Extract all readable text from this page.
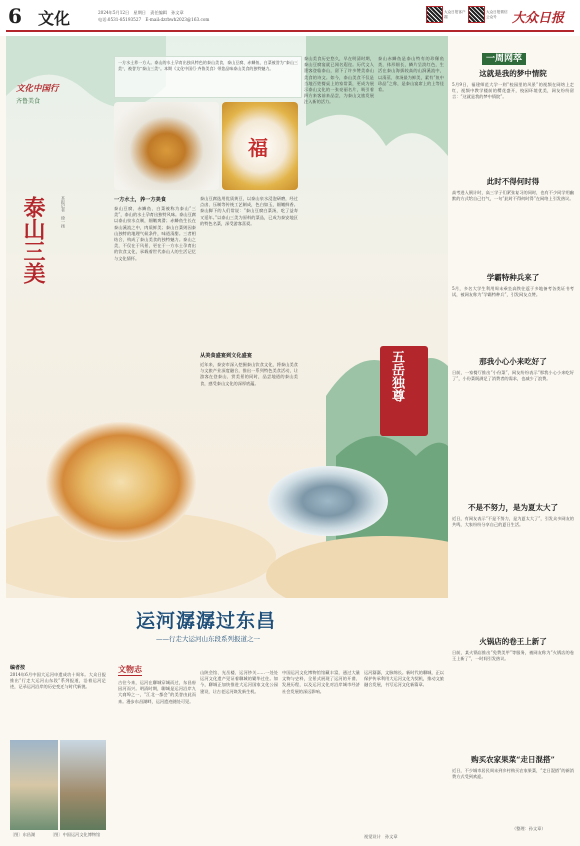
6 文化	2024年5月12日　星期日　责任编辑　孙文章
电话:0531-85193527　E-mail:dzrbwh2023@163.com
大众日报客户端
大众日报微信公众号	大众日报
文化中国行
齐鲁美食
泰山三美	本报记者　徐一扬
一方水土养一方人。泰山的水土孕育出独具特色的泰山美食，泰山豆腐、赤鳞鱼、白菜被誉为“泰山三美”，被誉为“泰山三美”。本期《文化中国行·齐鲁美食》带您品味泰山美食的独特魅力。
福
一方水土，养一方美食
泰山豆腐、赤鳞鱼、白菜被称为泰山“三美”，泰山的水土孕育出独特风味。泰山豆腐以泰山泉水点制，细嫩爽滑；赤鳞鱼生长在泰山溪流之中，肉质鲜美；泰山白菜则因泰山独特的地理气候条件，味道清甜。三者相结合，构成了泰山美食的独特魅力。泰山之美，不仅在于风景，更在于一方水土孕育出的饮食文化，承载着世代泰山人的生活记忆与文化情怀。
泰山豆腐选用优质黄豆，以泰山泉水浸泡研磨，经过点卤、压制等传统工艺制成，色白如玉，细嫩鲜香。泰山脚下的人们常说：“泰山豆腐白菜汤，吃了益寿又延年。”以泰山三美为原料的菜品，已成为泰安地区的特色名菜，深受游客喜爱。
从美食盛宴到文化盛宴
近年来，泰安市深入挖掘泰山饮食文化，将泰山美食与文旅产业深度融合，推出一系列特色美食活动，让游客在登泰山、赏美景的同时，品尝地道的泰山美食，感受泰山文化的深厚底蕴。
泰山美食历史悠久，早在明清时期，泰山豆腐宴就已闻名遐迩。历代文人墨客登临泰山，留下了许多赞美泰山美食的诗文。如今，泰山美食不仅是当地百姓餐桌上的家常菜，更成为展示泰山文化的一张亮丽名片，吸引着四方来客前来品尝，为泰山文旅发展注入新的活力。
泰山赤鳞鱼是泰山特有的珍稀鱼类，体形细长，鳞片呈淡红色，生活在泰山海拔较高的山涧溪流中，以清蒸、汆汤最为鲜美，素有“鱼中珍品”之称，是泰山宴席上的上等佳肴。
五岳独尊
一周网萃
这就是我的梦中情院
5月9日，福建师范大学一则“校园里的风景”的视频在网络上走红，视频中教学楼前的樱花盛开，校园环境优美，网友纷纷留言：“这就是我的梦中情院”。
此时不得何时得
高考进入倒计时，高三学子们紧张复习的同时，也有不少同学用幽默的方式给自己打气，一句“此时不得何时得”在网络上引发热议。
学霸特种兵来了
5月，多名大学生利用周末乘坐高铁往返于多地备考各类证书考试，被网友称为“学霸特种兵”，引发网友点赞。
那我小心小来吃好了
日前，一家餐厅推出“小份菜”，网友纷纷表示“那我小心小来吃好了”，小份菜既满足了消费者的需求，也减少了浪费。
不是不努力，是为夏太大了
近日，有网友表示“不是不努力，是为夏太大了”，引发众多网友的共鸣，大家纷纷分享自己的夏日生活。
火锅店的卷王上新了
日前，某火锅店推出“免费美甲”等服务，被网友称为“火锅店的卷王上新了”，一时间引发热议。
购买农家果菜“走日混搭”
近日，不少城市居民周末到乡村购买农家果菜，“走日混搭”的新消费方式受到欢迎。
（整理：孙文章）
运河潺潺过东昌
——行走大运河山东段系列报道之一
编者按
2014年6月中国大运河申遗成功十周年。大众日报推出“行走大运河山东段”系列报道，沿着运河足迹，记录运河沿岸的历史变迁与时代新貌。
〔图〕东昌湖	〔图〕中国运河文化博物馆
文物志
古往今来，运河在聊城穿城而过，东昌府因河而兴。明清时期，聊城是运河沿岸九大商埠之一，“江北一都会”的美誉由此而来。漫步东昌湖畔，运河遗迹随处可见。
山陕会馆、光岳楼、运河钞关……一处处运河文化遗产见证着聊城的繁华过往。如今，聊城正加快推进大运河国家文化公园建设，让古老运河焕发新生机。
中国运河文化博物馆馆藏丰富，通过大量文物与史料，全景式展现了运河的开凿、发展历程，以及运河文化对沿岸城市经济社会发展的深远影响。
运河潺潺，文脉绵长。新时代的聊城，正以保护传承利用大运河文化为契机，推动文旅融合发展，书写运河文化新篇章。
视觉设计　孙文章
